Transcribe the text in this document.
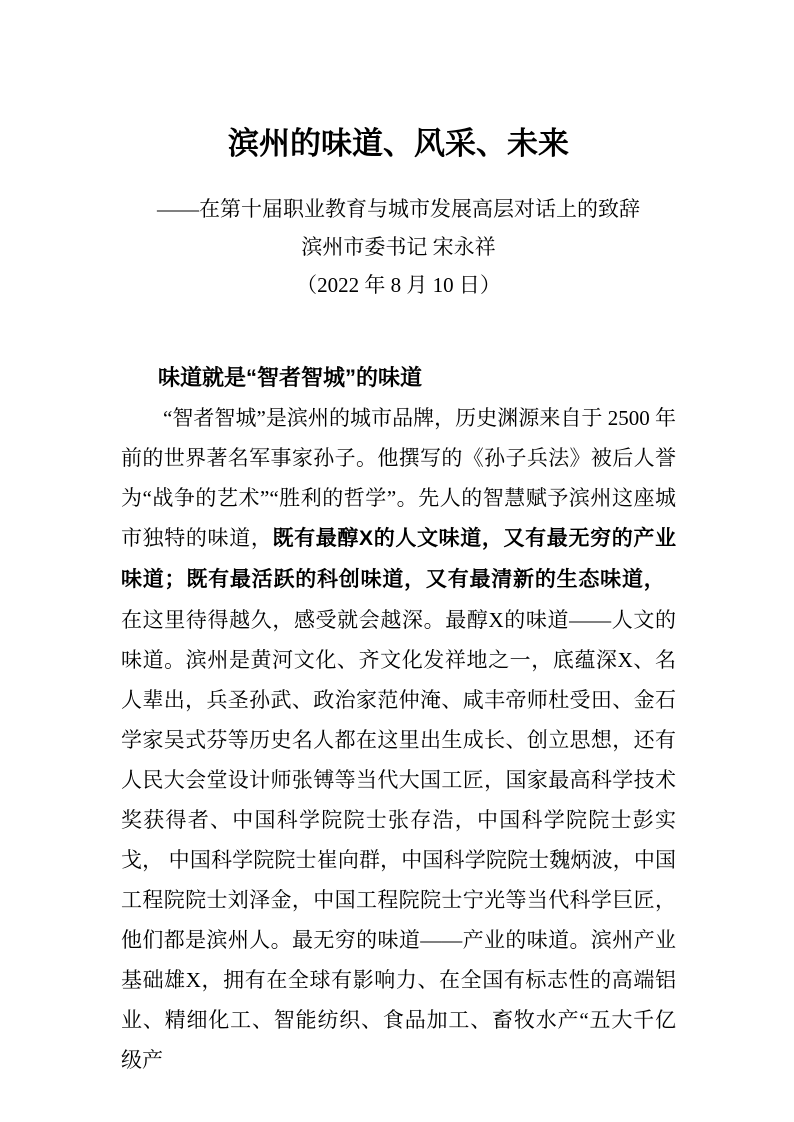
滨州的味道、风采、未来

——在第十届职业教育与城市发展高层对话上的致辞

滨州市委书记 宋永祥

（2022 年 8 月 10 日）

味道就是“智者智城”的味道

“智者智城”是滨州的城市品牌，历史渊源来自于 2500 年前的世界著名军事家孙子。他撰写的《孙子兵法》被后人誉为“战争的艺术”“胜利的哲学”。先人的智慧赋予滨州这座城市独特的味道，既有最醇X的人文味道，又有最无穷的产业味道；既有最活跃的科创味道，又有最清新的生态味道，　在这里待得越久，感受就会越深。最醇X的味道——人文的味道。滨州是黄河文化、齐文化发祥地之一，底蕴深X、名人辈出，兵圣孙武、政治家范仲淹、咸丰帝师杜受田、金石学家吴式芬等历史名人都在这里出生成长、创立思想，还有人民大会堂设计师张镈等当代大国工匠，国家最高科学技术奖获得者、中国科学院院士张存浩，中国科学院院士彭实戈， 中国科学院院士崔向群，中国科学院院士魏炳波，中国工程院院士刘泽金，中国工程院院士宁光等当代科学巨匠，他们都是滨州人。最无穷的味道——产业的味道。滨州产业基础雄X，拥有在全球有影响力、在全国有标志性的高端铝业、精细化工、智能纺织、食品加工、畜牧水产“五大千亿级产
